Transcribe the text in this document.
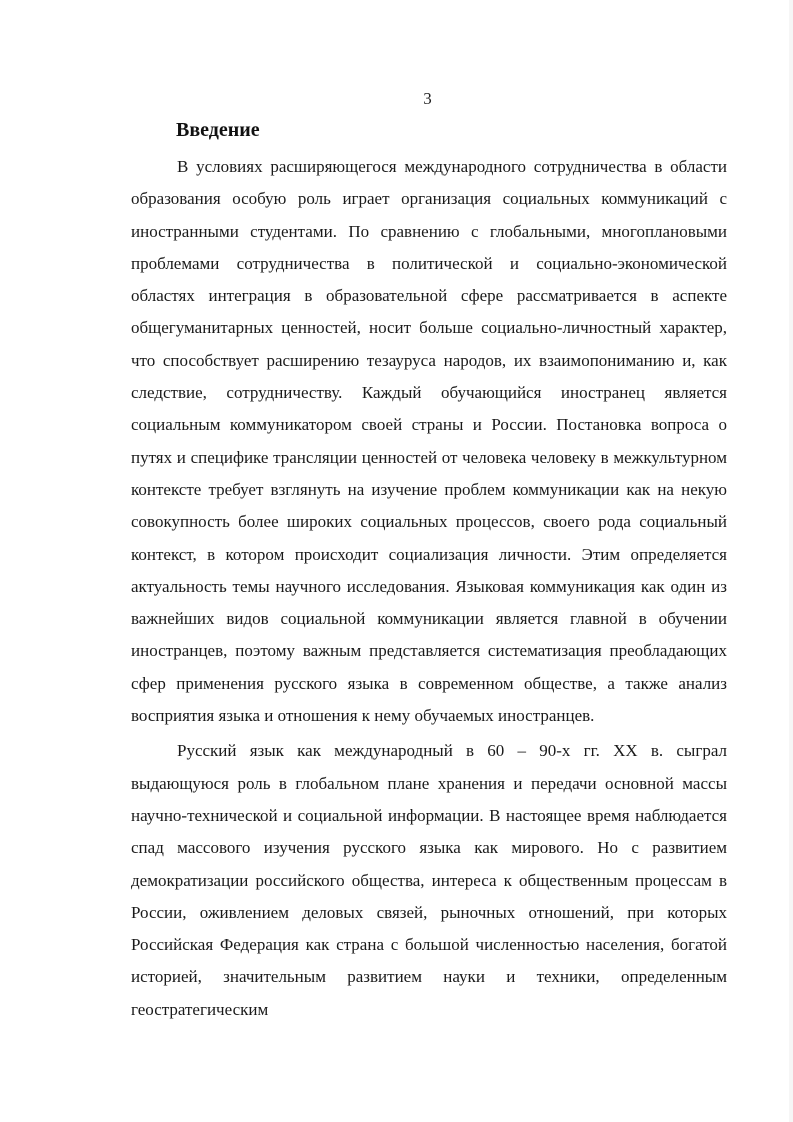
3
Введение

В условиях расширяющегося международного сотрудничества в области образования особую роль играет организация социальных коммуникаций с иностранными студентами. По сравнению с глобальными, многоплановыми проблемами сотрудничества в политической и социально-экономической областях интеграция в образовательной сфере рассматривается в аспекте общегуманитарных ценностей, носит больше социально-личностный характер, что способствует расширению тезауруса народов, их взаимопониманию и, как следствие, сотрудничеству. Каждый обучающийся иностранец является социальным коммуникатором своей страны и России. Постановка вопроса о путях и специфике трансляции ценностей от человека человеку в межкультурном контексте требует взглянуть на изучение проблем коммуникации как на некую совокупность более широких социальных процессов, своего рода социальный контекст, в котором происходит социализация личности. Этим определяется актуальность темы научного исследования. Языковая коммуникация как один из важнейших видов социальной коммуникации является главной в обучении иностранцев, поэтому важным представляется систематизация преобладающих сфер применения русского языка в современном обществе, а также анализ восприятия языка и отношения к нему обучаемых иностранцев.

Русский язык как международный в 60 – 90-х гг. XX в. сыграл выдающуюся роль в глобальном плане хранения и передачи основной массы научно-технической и социальной информации. В настоящее время наблюдается спад массового изучения русского языка как мирового. Но с развитием демократизации российского общества, интереса к общественным процессам в России, оживлением деловых связей, рыночных отношений, при которых Российская Федерация как страна с большой численностью населения, богатой историей, значительным развитием науки и техники, определенным геостратегическим
